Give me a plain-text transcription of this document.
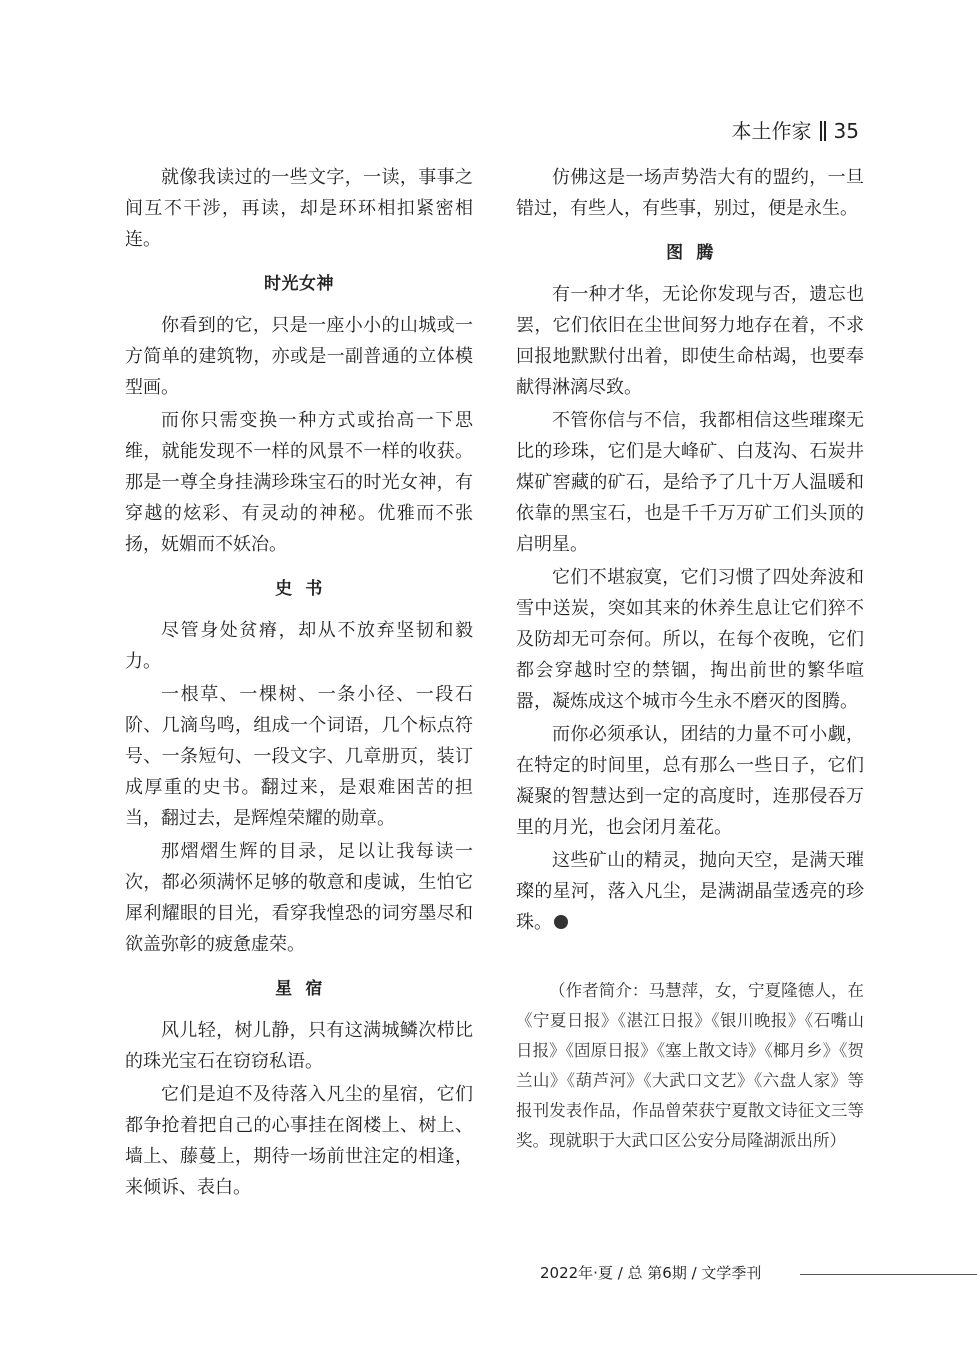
本土作家 35

就像我读过的一些文字，一读，事事之间互不干涉，再读，却是环环相扣紧密相连。

时光女神

你看到的它，只是一座小小的山城或一方简单的建筑物，亦或是一副普通的立体模型画。

而你只需变换一种方式或抬高一下思维，就能发现不一样的风景不一样的收获。那是一尊全身挂满珍珠宝石的时光女神，有穿越的炫彩、有灵动的神秘。优雅而不张扬，妩媚而不妖冶。

史  书

尽管身处贫瘠，却从不放弃坚韧和毅力。

一根草、一棵树、一条小径、一段石阶、几滴鸟鸣，组成一个词语，几个标点符号、一条短句、一段文字、几章册页，装订成厚重的史书。翻过来，是艰难困苦的担当，翻过去，是辉煌荣耀的勋章。

那熠熠生辉的目录，足以让我每读一次，都必须满怀足够的敬意和虔诚，生怕它犀利耀眼的目光，看穿我惶恐的词穷墨尽和欲盖弥彰的疲惫虚荣。

星  宿

风儿轻，树儿静，只有这满城鳞次栉比的珠光宝石在窃窃私语。

它们是迫不及待落入凡尘的星宿，它们都争抢着把自己的心事挂在阁楼上、树上、墙上、藤蔓上，期待一场前世注定的相逢，来倾诉、表白。

仿佛这是一场声势浩大有的盟约，一旦错过，有些人，有些事，别过，便是永生。

图  腾

有一种才华，无论你发现与否，遗忘也罢，它们依旧在尘世间努力地存在着，不求回报地默默付出着，即使生命枯竭，也要奉献得淋漓尽致。

不管你信与不信，我都相信这些璀璨无比的珍珠，它们是大峰矿、白芨沟、石炭井煤矿窖藏的矿石，是给予了几十万人温暖和依靠的黑宝石，也是千千万万矿工们头顶的启明星。

它们不堪寂寞，它们习惯了四处奔波和雪中送炭，突如其来的休养生息让它们猝不及防却无可奈何。所以，在每个夜晚，它们都会穿越时空的禁锢，掏出前世的繁华喧嚣，凝炼成这个城市今生永不磨灭的图腾。

而你必须承认，团结的力量不可小觑，在特定的时间里，总有那么一些日子，它们凝聚的智慧达到一定的高度时，连那侵吞万里的月光，也会闭月羞花。

这些矿山的精灵，抛向天空，是满天璀璨的星河，落入凡尘，是满湖晶莹透亮的珍珠。

（作者简介：马慧萍，女，宁夏隆德人，在《宁夏日报》《湛江日报》《银川晚报》《石嘴山日报》《固原日报》《塞上散文诗》《椰月乡》《贺兰山》《葫芦河》《大武口文艺》《六盘人家》等报刊发表作品，作品曾荣获宁夏散文诗征文三等奖。现就职于大武口区公安分局隆湖派出所）

2022年·夏 / 总 第6期 / 文学季刊
